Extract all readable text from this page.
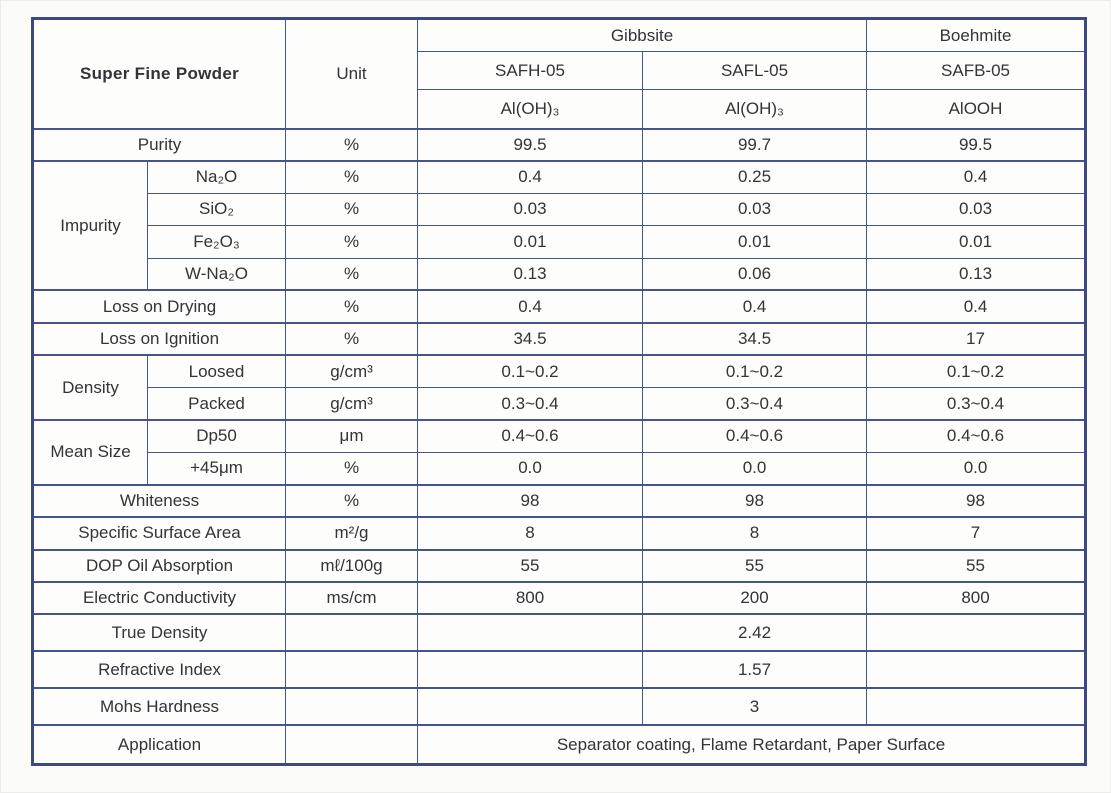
Super Fine Powder		Unit	Gibbsite		Boehmite
			SAFH-05	SAFL-05	SAFB-05
			Al(OH)₃	Al(OH)₃	AlOOH
Purity		%	99.5	99.7	99.5
Impurity	Na₂O	%	0.4	0.25	0.4
	SiO₂	%	0.03	0.03	0.03
	Fe₂O₃	%	0.01	0.01	0.01
	W-Na₂O	%	0.13	0.06	0.13
Loss on Drying		%	0.4	0.4	0.4
Loss on Ignition		%	34.5	34.5	17
Density	Loosed	g/cm³	0.1~0.2	0.1~0.2	0.1~0.2
	Packed	g/cm³	0.3~0.4	0.3~0.4	0.3~0.4
Mean Size	Dp50	μm	0.4~0.6	0.4~0.6	0.4~0.6
	+45μm	%	0.0	0.0	0.0
Whiteness		%	98	98	98
Specific Surface Area		m²/g	8	8	7
DOP Oil Absorption		mℓ/100g	55	55	55
Electric Conductivity		ms/cm	800	200	800
True Density				2.42	
Refractive Index				1.57	
Mohs Hardness				3	
Application			Separator coating, Flame Retardant, Paper Surface		
